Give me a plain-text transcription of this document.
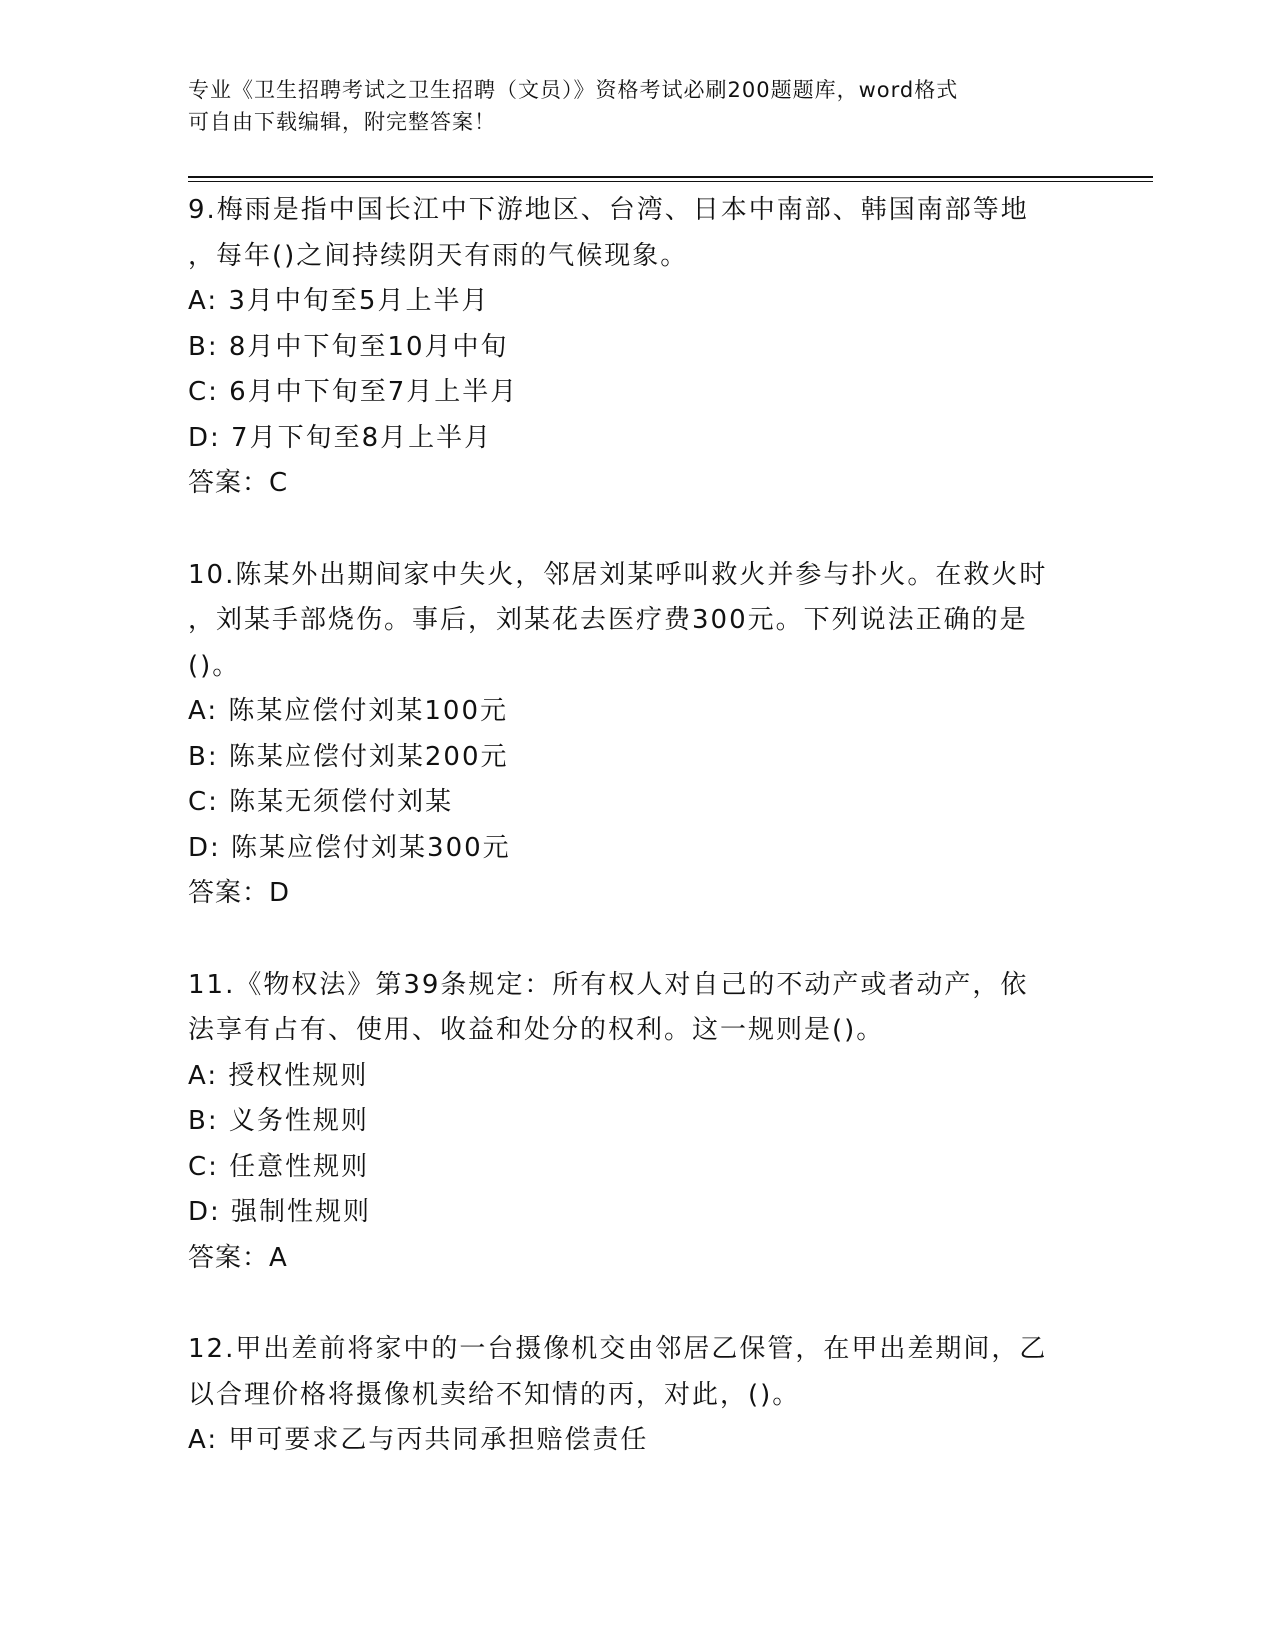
专业《卫生招聘考试之卫生招聘（文员）》资格考试必刷200题题库，word格式
可自由下载编辑，附完整答案！

9.梅雨是指中国长江中下游地区、台湾、日本中南部、韩国南部等地

，每年()之间持续阴天有雨的气候现象。

A: 3月中旬至5月上半月

B: 8月中下旬至10月中旬

C: 6月中下旬至7月上半月

D: 7月下旬至8月上半月

答案：C

10.陈某外出期间家中失火，邻居刘某呼叫救火并参与扑火。在救火时

，刘某手部烧伤。事后，刘某花去医疗费300元。下列说法正确的是

()。

A: 陈某应偿付刘某100元

B: 陈某应偿付刘某200元

C: 陈某无须偿付刘某

D: 陈某应偿付刘某300元

答案：D

11.《物权法》第39条规定：所有权人对自己的不动产或者动产，依

法享有占有、使用、收益和处分的权利。这一规则是()。

A: 授权性规则

B: 义务性规则

C: 任意性规则

D: 强制性规则

答案：A

12.甲出差前将家中的一台摄像机交由邻居乙保管，在甲出差期间，乙

以合理价格将摄像机卖给不知情的丙，对此，()。

A: 甲可要求乙与丙共同承担赔偿责任
